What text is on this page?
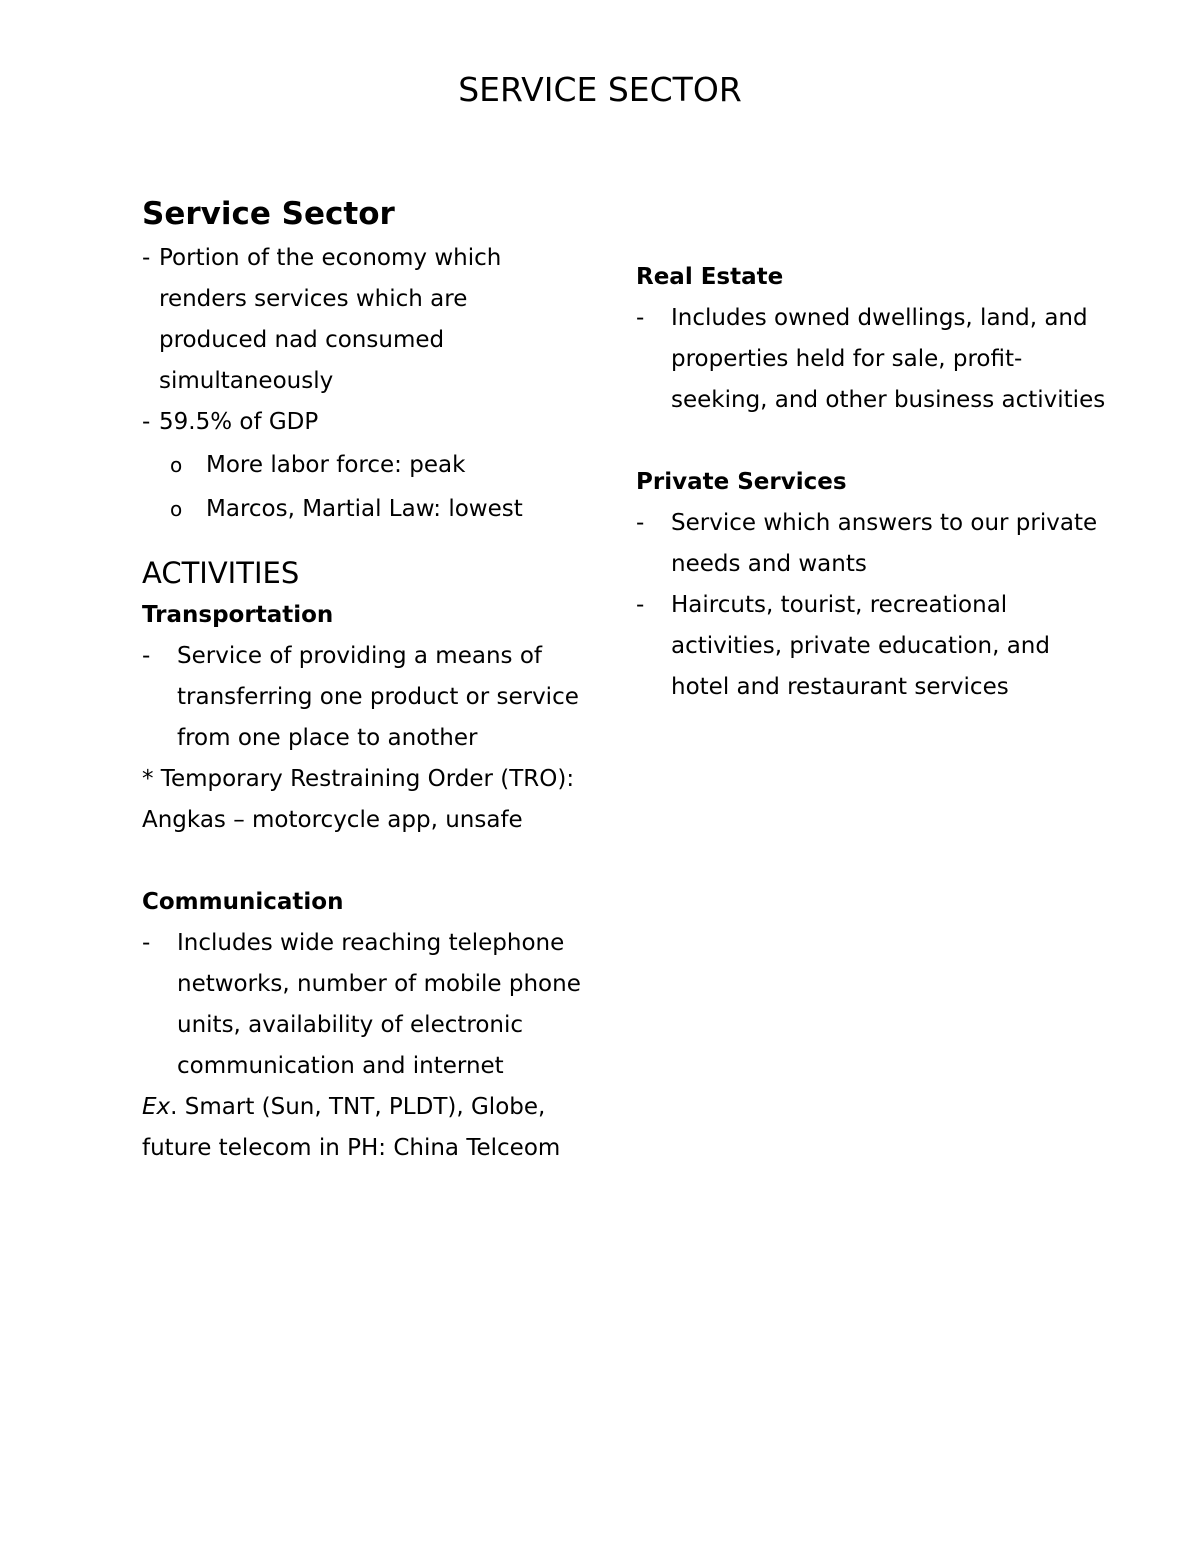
SERVICE SECTOR
Service Sector
- Portion of the economy which renders services which are produced nad consumed simultaneously
- 59.5% of GDP
o More labor force: peak
o Marcos, Martial Law: lowest
ACTIVITIES
Transportation
- Service of providing a means of transferring one product or service from one place to another
* Temporary Restraining Order (TRO): Angkas – motorcycle app, unsafe
Communication
- Includes wide reaching telephone networks, number of mobile phone units, availability of electronic communication and internet
Ex. Smart (Sun, TNT, PLDT), Globe, future telecom in PH: China Telceom
Real Estate
- Includes owned dwellings, land, and properties held for sale, profit-seeking, and other business activities
Private Services
- Service which answers to our private needs and wants
- Haircuts, tourist, recreational activities, private education, and hotel and restaurant services
